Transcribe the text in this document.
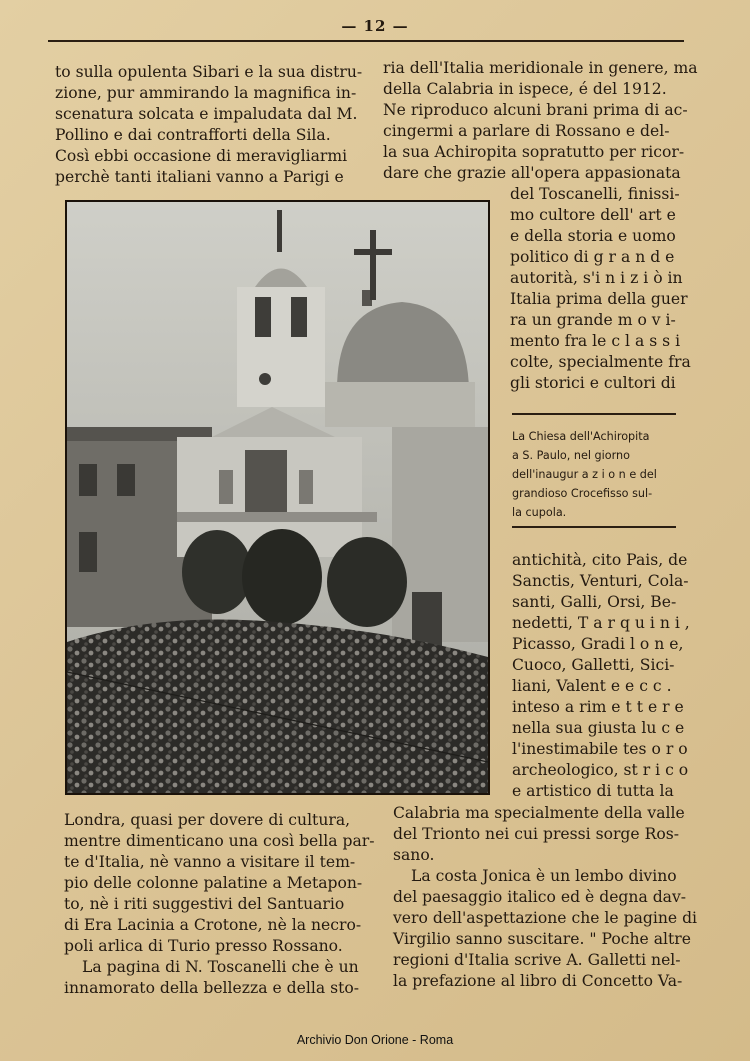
— 12 —
to sulla opulenta Sibari e la sua distru-
zione, pur ammirando la magnifica in-
scenatura solcata e impaludata dal M.
Pollino e dai contrafforti della Sila.
Così ebbi occasione di meravigliarmi
perchè tanti italiani vanno a Parigi e
ria dell'Italia meridionale in genere, ma
della Calabria in ispece, é del 1912.
Ne riproduco alcuni brani prima di ac-
cingermi a parlare di Rossano e del-
la sua Achiropita sopratutto per ricor-
dare che grazie all'opera appasionata
del Toscanelli, finissi-
mo cultore dell' art e
e della storia e uomo
politico di g r a n d e
autorità, s'i n i z i ò in
Italia prima della guer
ra un grande m o v i-
mento fra le c l a s s i
colte, specialmente fra
gli storici e cultori di
La Chiesa dell'Achiropita
a S. Paulo, nel giorno
dell'inaugur a z i o n e del
grandioso Crocefisso sul-
la cupola.
antichità, cito Pais, de
Sanctis, Venturi, Cola-
santi, Galli, Orsi, Be-
nedetti, T a r q u i n i ,
Picasso, Gradi l o n e,
Cuoco, Galletti, Sici-
liani, Valent e e c c .
inteso a rim e t t e r e
nella sua giusta lu c e
l'inestimabile tes o r o
archeologico, st r i c o
e artistico di tutta la
Londra, quasi per dovere di cultura,
mentre dimenticano una così bella par-
te d'Italia, nè vanno a visitare il tem-
pio delle colonne palatine a Metapon-
to, nè i riti suggestivi del Santuario
di Era Lacinia a Crotone, nè la necro-
poli arlica di Turio presso Rossano.
La pagina di N. Toscanelli che è un
innamorato della bellezza e della sto-
Calabria ma specialmente della valle
del Trionto nei cui pressi sorge Ros-
sano.
La costa Jonica è un lembo divino
del paesaggio italico ed è degna dav-
vero dell'aspettazione che le pagine di
Virgilio sanno suscitare. " Poche altre
regioni d'Italia scrive A. Galletti nel-
la prefazione al libro di Concetto Va-
Archivio Don Orione - Roma
